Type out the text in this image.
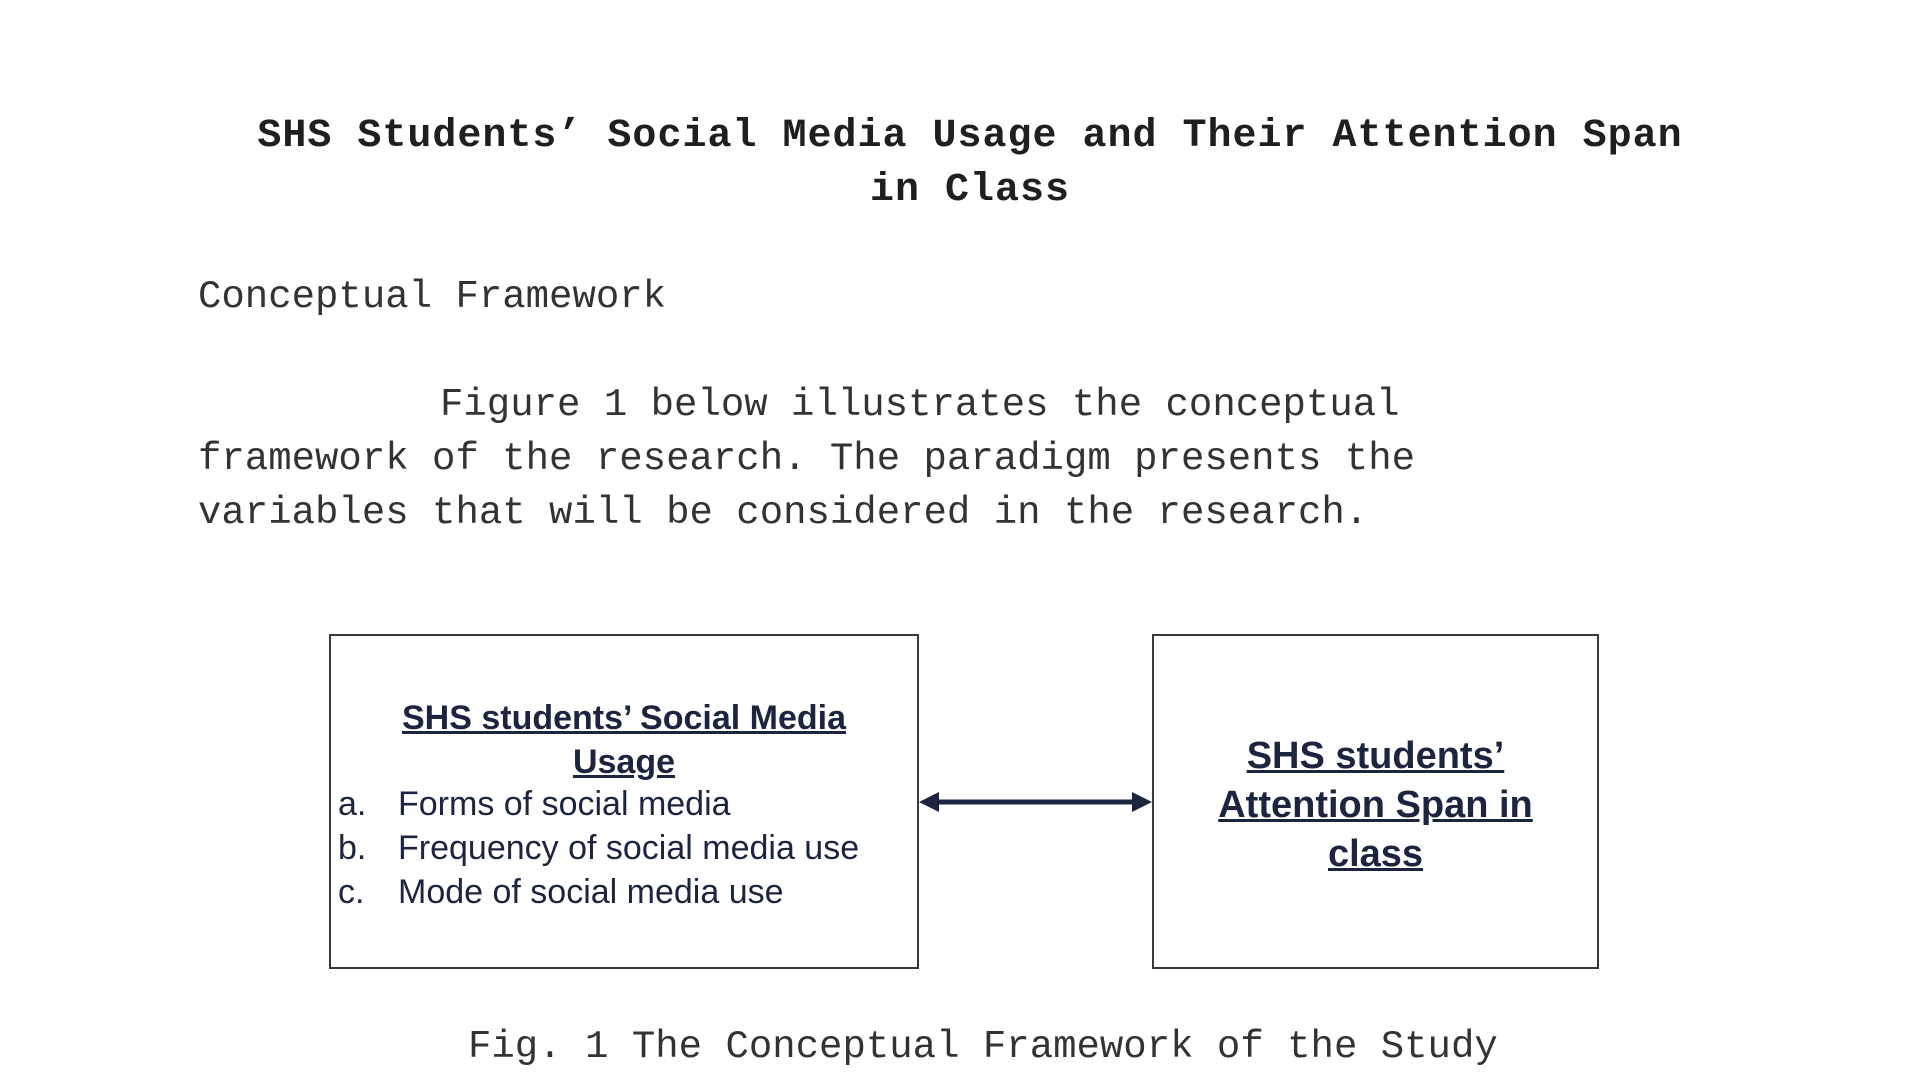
SHS Students’ Social Media Usage and Their Attention Span
in Class
Conceptual Framework

Figure 1 below illustrates the conceptual
framework of the research. The paradigm presents the
variables that will be considered in the research.

SHS students’ Social Media
Usage

a. Forms of social media
b. Frequency of social media use
c. Mode of social media use

SHS students’
Attention Span in
class

Fig. 1 The Conceptual Framework of the Study
